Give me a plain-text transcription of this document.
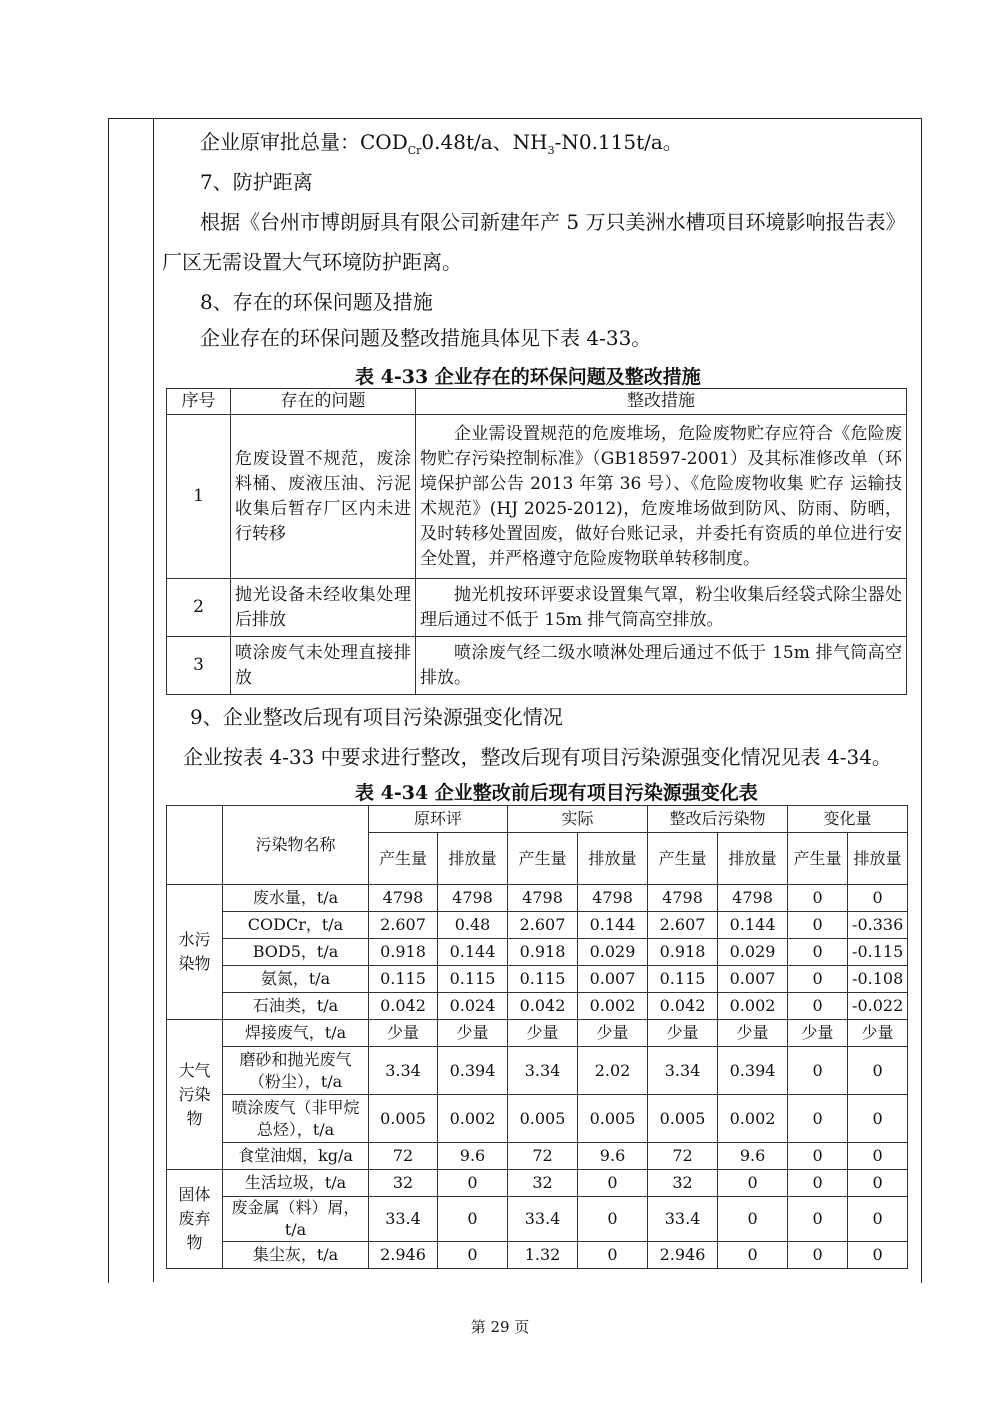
企业原审批总量：$COD_{Cr}0.48t/a$、$NH_3-N0.115t/a$。
7、防护距离
根据《台州市博朗厨具有限公司新建年产 5 万只美洲水槽项目环境影响报告表》
厂区无需设置大气环境防护距离。
8、存在的环保问题及措施
企业存在的环保问题及整改措施具体见下表 4-33。
表 4-33 企业存在的环保问题及整改措施
序号	存在的问题	整改措施
1	危废设置不规范，废涂料桶、废液压油、污泥收集后暂存厂区内未进行转移	企业需设置规范的危废堆场，危险废物贮存应符合《危险废物贮存污染控制标准》（GB18597-2001）及其标准修改单（环境保护部公告 2013 年第 36 号）、《危险废物收集 贮存 运输技术规范》(HJ 2025-2012)，危废堆场做到防风、防雨、防晒，及时转移处置固废，做好台账记录，并委托有资质的单位进行安全处置，并严格遵守危险废物联单转移制度。
2	抛光设备未经收集处理后排放	抛光机按环评要求设置集气罩，粉尘收集后经袋式除尘器处理后通过不低于 15m 排气筒高空排放。
3	喷涂废气未处理直接排放	喷涂废气经二级水喷淋处理后通过不低于 15m 排气筒高空排放。
9、企业整改后现有项目污染源强变化情况
企业按表 4-33 中要求进行整改，整改后现有项目污染源强变化情况见表 4-34。
表 4-34 企业整改前后现有项目污染源强变化表
	污染物名称	原环评		实际		整改后污染物		变化量	
		产生量	排放量	产生量	排放量	产生量	排放量	产生量	排放量
水污染物	废水量，t/a	4798	4798	4798	4798	4798	4798	0	0
	CODCr，t/a	2.607	0.48	2.607	0.144	2.607	0.144	0	-0.336
	BOD5，t/a	0.918	0.144	0.918	0.029	0.918	0.029	0	-0.115
	氨氮，t/a	0.115	0.115	0.115	0.007	0.115	0.007	0	-0.108
	石油类，t/a	0.042	0.024	0.042	0.002	0.042	0.002	0	-0.022
大气污染物	焊接废气，t/a	少量	少量	少量	少量	少量	少量	少量	少量
	磨砂和抛光废气（粉尘），t/a	3.34	0.394	3.34	2.02	3.34	0.394	0	0
	喷涂废气（非甲烷总烃），t/a	0.005	0.002	0.005	0.005	0.005	0.002	0	0
	食堂油烟，kg/a	72	9.6	72	9.6	72	9.6	0	0
固体废弃物	生活垃圾，t/a	32	0	32	0	32	0	0	0
	废金属（料）屑，t/a	33.4	0	33.4	0	33.4	0	0	0
	集尘灰，t/a	2.946	0	1.32	0	2.946	0	0	0
第 29 页
